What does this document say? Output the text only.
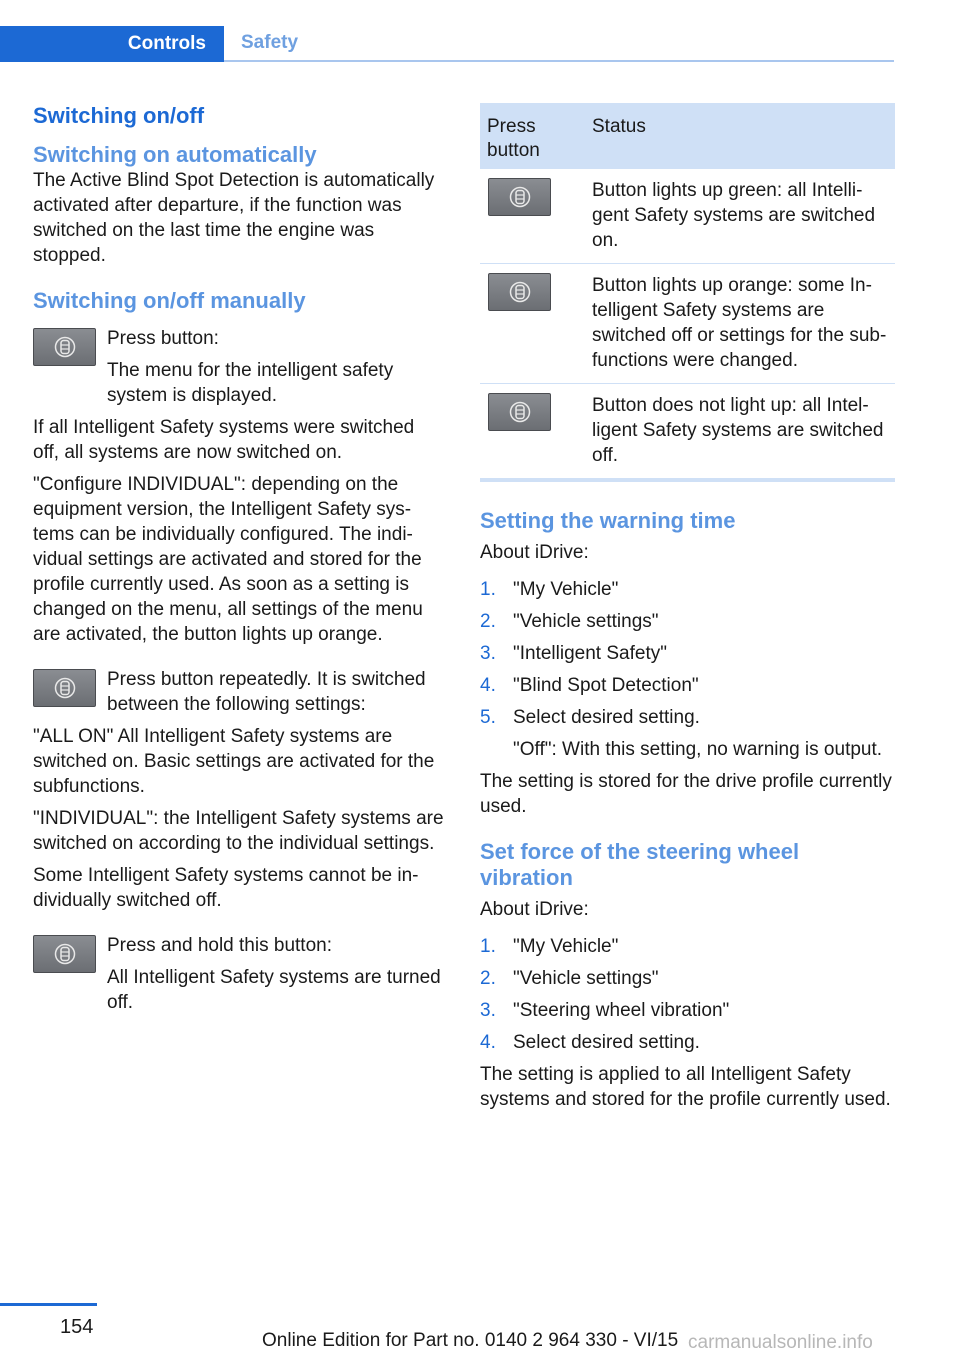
Controls	Safety
Switching on/off
Switching on automatically

The Active Blind Spot Detection is automatically activated after departure, if the function was switched on the last time the engine was stopped.

Switching on/off manually
Press button:
The menu for the intelligent safety system is displayed.

If all Intelligent Safety systems were switched off, all systems are now switched on.

"Configure INDIVIDUAL": depending on the equipment version, the Intelligent Safety systems can be individually configured. The individual settings are activated and stored for the profile currently used. As soon as a setting is changed on the menu, all settings of the menu are activated, the button lights up orange.

Press button repeatedly. It is switched between the following settings:

"ALL ON" All Intelligent Safety systems are switched on. Basic settings are activated for the subfunctions.

"INDIVIDUAL": the Intelligent Safety systems are switched on according to the individual settings.

Some Intelligent Safety systems cannot be individually switched off.

Press and hold this button:
All Intelligent Safety systems are turned off.
Press button
Status
Button lights up green: all Intelligent Safety systems are switched on.
Button lights up orange: some Intelligent Safety systems are switched off or settings for the sub-functions were changed.
Button does not light up: all Intelligent Safety systems are switched off.
Setting the warning time

About iDrive:

1. "My Vehicle"
2. "Vehicle settings"
3. "Intelligent Safety"
4. "Blind Spot Detection"
5. Select desired setting.
"Off": With this setting, no warning is output.

The setting is stored for the drive profile currently used.

Set force of the steering wheel vibration

About iDrive:

1. "My Vehicle"
2. "Vehicle settings"
3. "Steering wheel vibration"
4. Select desired setting.

The setting is applied to all Intelligent Safety systems and stored for the profile currently used.

154
Online Edition for Part no. 0140 2 964 330 - VI/15 carmanualsonline.info
